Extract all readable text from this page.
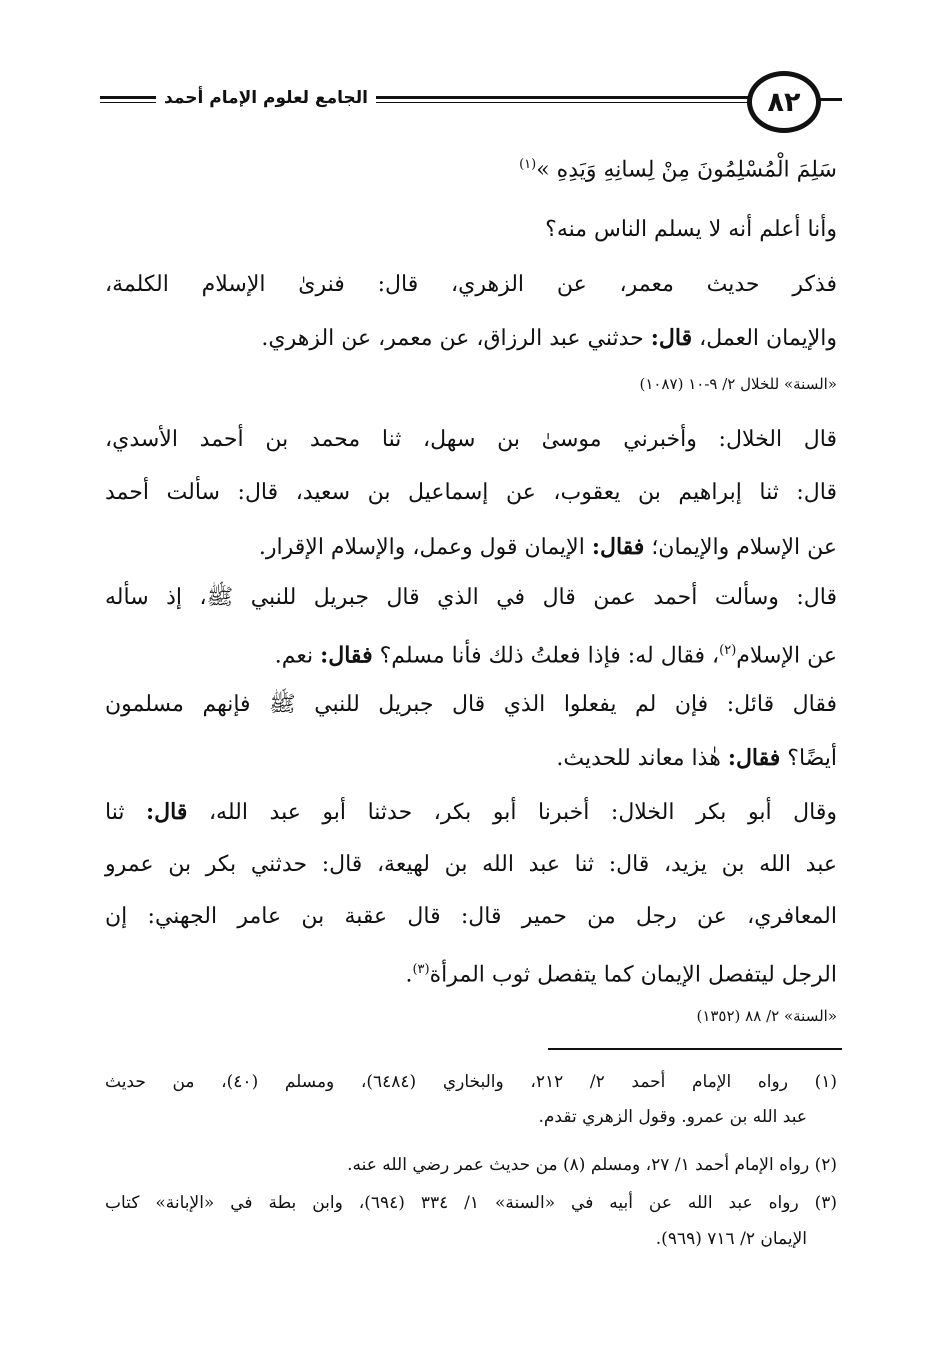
الجامع لعلوم الإمام أحمد	٨٢
سَلِمَ الْمُسْلِمُونَ مِنْ لِسانِهِ وَيَدِهِ »$^{(١)}$
وأنا أعلم أنه لا يسلم الناس منه؟
فذكر حديث معمر، عن الزهري، قال: فنرىٰ الإسلام الكلمة،
والإيمان العمل، قال: حدثني عبد الرزاق، عن معمر، عن الزهري.
«السنة» للخلال ٢/ ٩-١٠ (١٠٨٧)
قال الخلال: وأخبرني موسىٰ بن سهل، ثنا محمد بن أحمد الأسدي،
قال: ثنا إبراهيم بن يعقوب، عن إسماعيل بن سعيد، قال: سألت أحمد
عن الإسلام والإيمان؛ فقال: الإيمان قول وعمل، والإسلام الإقرار.
قال: وسألت أحمد عمن قال في الذي قال جبريل للنبي ﷺ، إذ سأله
عن الإسلام$^{(٢)}$، فقال له: فإذا فعلتُ ذلك فأنا مسلم؟ فقال: نعم.
فقال قائل: فإن لم يفعلوا الذي قال جبريل للنبي ﷺ فإنهم مسلمون
أيضًا؟ فقال: هٰذا معاند للحديث.
وقال أبو بكر الخلال: أخبرنا أبو بكر، حدثنا أبو عبد الله، قال: ثنا
عبد الله بن يزيد، قال: ثنا عبد الله بن لهيعة، قال: حدثني بكر بن عمرو
المعافري، عن رجل من حمير قال: قال عقبة بن عامر الجهني: إن
الرجل ليتفصل الإيمان كما يتفصل ثوب المرأة$^{(٣)}$.
«السنة» ٢/ ٨٨ (١٣٥٢)
(١) رواه الإمام أحمد ٢/ ٢١٢، والبخاري (٦٤٨٤)، ومسلم (٤٠)، من حديث
عبد الله بن عمرو. وقول الزهري تقدم.
(٢) رواه الإمام أحمد ١/ ٢٧، ومسلم (٨) من حديث عمر رضي الله عنه.
(٣) رواه عبد الله عن أبيه في «السنة» ١/ ٣٣٤ (٦٩٤)، وابن بطة في «الإبانة» كتاب
الإيمان ٢/ ٧١٦ (٩٦٩).
